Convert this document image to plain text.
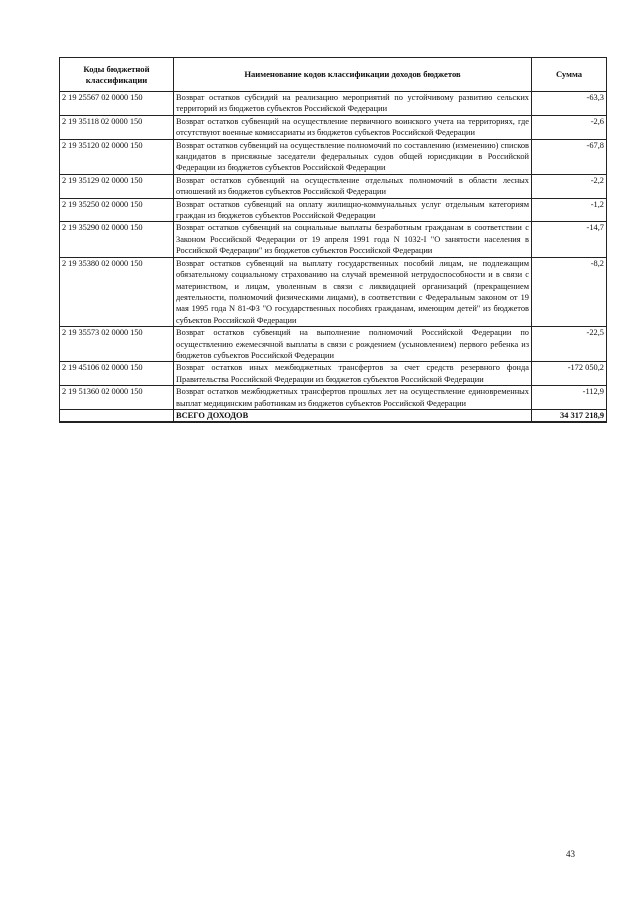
Коды бюджетной классификации	Наименование кодов классификации доходов бюджетов	Сумма
2 19 25567 02 0000 150	Возврат остатков субсидий на реализацию мероприятий по устойчивому развитию сельских территорий из бюджетов субъектов Российской Федерации	-63,3
2 19 35118 02 0000 150	Возврат остатков субвенций на осуществление первичного воинского учета на территориях, где отсутствуют военные комиссариаты из бюджетов субъектов Российской Федерации	-2,6
2 19 35120 02 0000 150	Возврат остатков субвенций на осуществление полномочий по составлению (изменению) списков кандидатов в присяжные заседатели федеральных судов общей юрисдикции в Российской Федерации из бюджетов субъектов Российской Федерации	-67,8
2 19 35129 02 0000 150	Возврат остатков субвенций на осуществление отдельных полномочий в области лесных отношений из бюджетов субъектов Российской Федерации	-2,2
2 19 35250 02 0000 150	Возврат остатков субвенций на оплату жилищно-коммунальных услуг отдельным категориям граждан из бюджетов субъектов Российской Федерации	-1,2
2 19 35290 02 0000 150	Возврат остатков субвенций на социальные выплаты безработным гражданам в соответствии с Законом Российской Федерации от 19 апреля 1991 года N 1032-I "О занятости населения в Российской Федерации" из бюджетов субъектов Российской Федерации	-14,7
2 19 35380 02 0000 150	Возврат остатков субвенций на выплату государственных пособий лицам, не подлежащим обязательному социальному страхованию на случай временной нетрудоспособности и в связи с материнством, и лицам, уволенным в связи с ликвидацией организаций (прекращением деятельности, полномочий физическими лицами), в соответствии с Федеральным законом от 19 мая 1995 года N 81-ФЗ "О государственных пособиях гражданам, имеющим детей" из бюджетов субъектов Российской Федерации	-8,2
2 19 35573 02 0000 150	Возврат остатков субвенций на выполнение полномочий Российской Федерации по осуществлению ежемесячной выплаты в связи с рождением (усыновлением) первого ребенка из бюджетов субъектов Российской Федерации	-22,5
2 19 45106 02 0000 150	Возврат остатков иных межбюджетных трансфертов за счет средств резервного фонда Правительства Российской Федерации из бюджетов субъектов Российской Федерации	-172 050,2
2 19 51360 02 0000 150	Возврат остатков межбюджетных трансфертов прошлых лет на осуществление единовременных выплат медицинским работникам из бюджетов субъектов Российской Федерации	-112,9
	ВСЕГО ДОХОДОВ	34 317 218,9
43
